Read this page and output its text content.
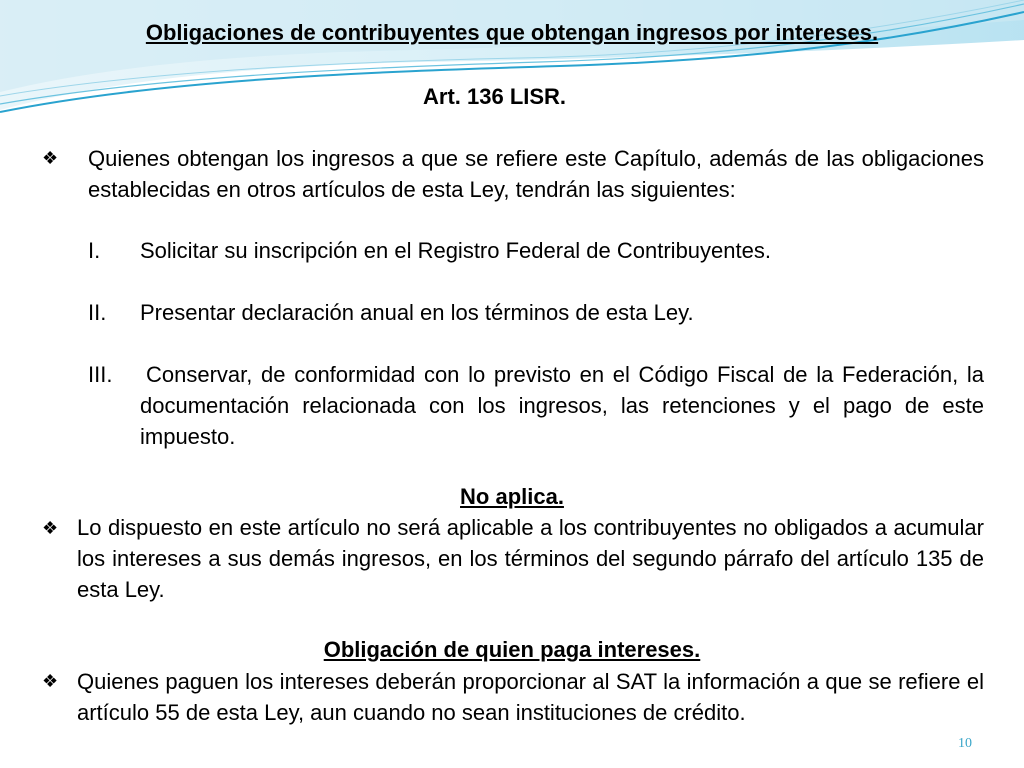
Obligaciones de contribuyentes que obtengan ingresos por intereses.
Art. 136 LISR.
❖ Quienes obtengan los ingresos a que se refiere este Capítulo, además de las obligaciones establecidas en otros artículos de esta Ley, tendrán las siguientes:
I. Solicitar su inscripción en el Registro Federal de Contribuyentes.
II. Presentar declaración anual en los términos de esta Ley.
III. Conservar, de conformidad con lo previsto en el Código Fiscal de la Federación, la documentación relacionada con los ingresos, las retenciones y el pago de este impuesto.
No aplica.
❖ Lo dispuesto en este artículo no será aplicable a los contribuyentes no obligados a acumular los intereses a sus demás ingresos, en los términos del segundo párrafo del artículo 135 de esta Ley.
Obligación de quien paga intereses.
❖ Quienes paguen los intereses deberán proporcionar al SAT la información a que se refiere el artículo 55 de esta Ley, aun cuando no sean instituciones de crédito.
10
